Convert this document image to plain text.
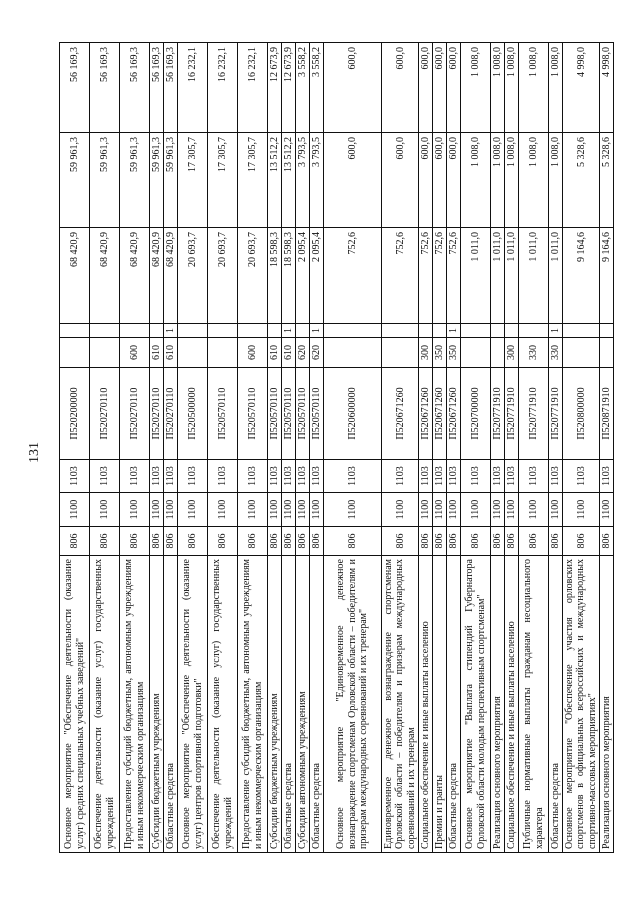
131
Основное мероприятие "Обеспечение деятельности (оказание услуг) средних специальных учебных заведений"	806	1100	1103	П520200000			68 420,9	59 961,3	56 169,3
Обеспечение деятельности (оказание услуг) государственных учреждений	806	1100	1103	П520270110			68 420,9	59 961,3	56 169,3
Предоставление субсидий бюджетным, автономным учреждениям и иным некоммерческим организациям	806	1100	1103	П520270110	600		68 420,9	59 961,3	56 169,3
Субсидии бюджетным учреждениям	806	1100	1103	П520270110	610		68 420,9	59 961,3	56 169,3
Областные средства	806	1100	1103	П520270110	610	1	68 420,9	59 961,3	56 169,3
Основное мероприятие "Обеспечение деятельности (оказание услуг) центров спортивной подготовки"	806	1100	1103	П520500000			20 693,7	17 305,7	16 232,1
Обеспечение деятельности (оказание услуг) государственных учреждений	806	1100	1103	П520570110			20 693,7	17 305,7	16 232,1
Предоставление субсидий бюджетным, автономным учреждениям и иным некоммерческим организациям	806	1100	1103	П520570110	600		20 693,7	17 305,7	16 232,1
Субсидии бюджетным учреждениям	806	1100	1103	П520570110	610		18 598,3	13 512,2	12 673,9
Областные средства	806	1100	1103	П520570110	610	1	18 598,3	13 512,2	12 673,9
Субсидии автономным учреждениям	806	1100	1103	П520570110	620		2 095,4	3 793,5	3 558,2
Областные средства	806	1100	1103	П520570110	620	1	2 095,4	3 793,5	3 558,2
Основное мероприятие "Единовременное денежное вознаграждение спортсменам Орловской области – победителям и призерам международных соревнований и их тренерам"	806	1100	1103	П520600000			752,6	600,0	600,0
Единовременное денежное вознаграждение спортсменам Орловской области – победителям и призерам международных соревнований и их тренерам	806	1100	1103	П520671260			752,6	600,0	600,0
Социальное обеспечение и иные выплаты населению	806	1100	1103	П520671260	300		752,6	600,0	600,0
Премии и гранты	806	1100	1103	П520671260	350		752,6	600,0	600,0
Областные средства	806	1100	1103	П520671260	350	1	752,6	600,0	600,0
Основное мероприятие "Выплата стипендий Губернатора Орловской области молодым перспективным спортсменам"	806	1100	1103	П520700000			1 011,0	1 008,0	1 008,0
Реализация основного мероприятия	806	1100	1103	П520771910			1 011,0	1 008,0	1 008,0
Социальное обеспечение и иные выплаты населению	806	1100	1103	П520771910	300		1 011,0	1 008,0	1 008,0
Публичные нормативные выплаты гражданам несоциального характера	806	1100	1103	П520771910	330		1 011,0	1 008,0	1 008,0
Областные средства	806	1100	1103	П520771910	330	1	1 011,0	1 008,0	1 008,0
Основное мероприятие "Обеспечение участия орловских спортсменов в официальных всероссийских и международных спортивно-массовых мероприятиях"	806	1100	1103	П520800000			9 164,6	5 328,6	4 998,0
Реализация основного мероприятия	806	1100	1103	П520871910			9 164,6	5 328,6	4 998,0
